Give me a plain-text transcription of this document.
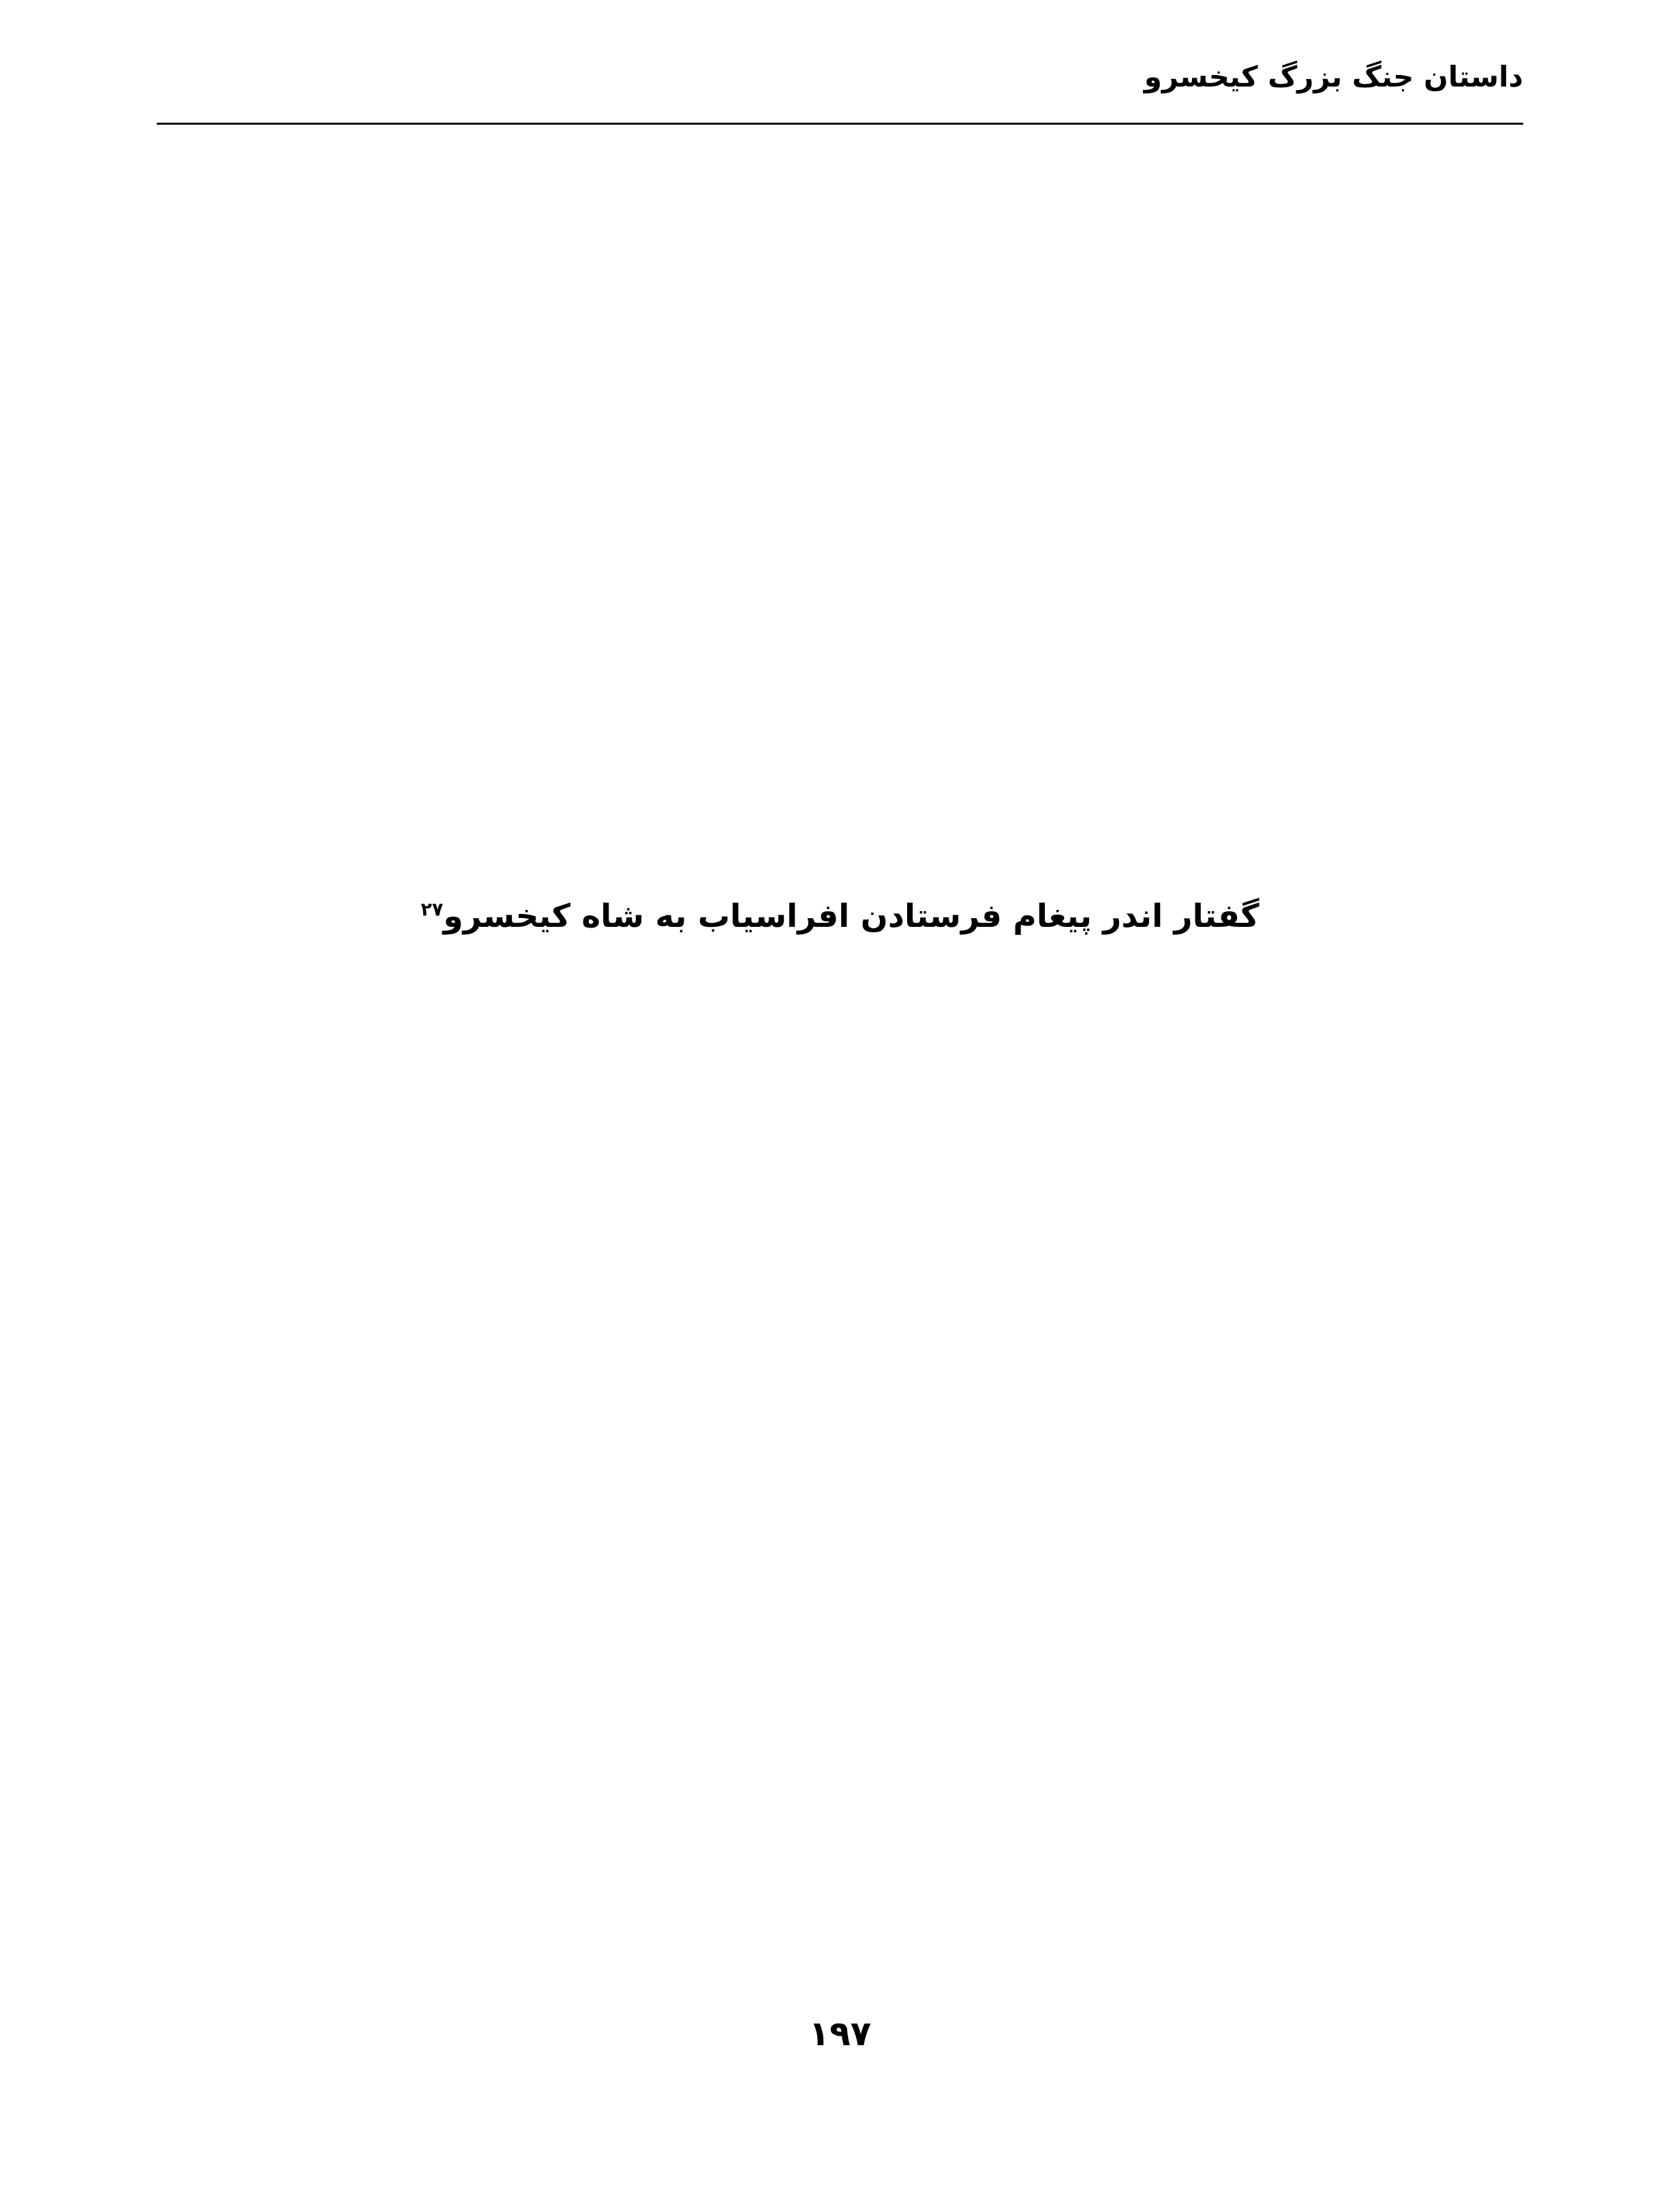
داستان جنگ بزرگ کیخسرو
گفتار اندر پیغام فرستادن افراسیاب به شاه کیخسرو$^{۲۷}$
۱۹۷
